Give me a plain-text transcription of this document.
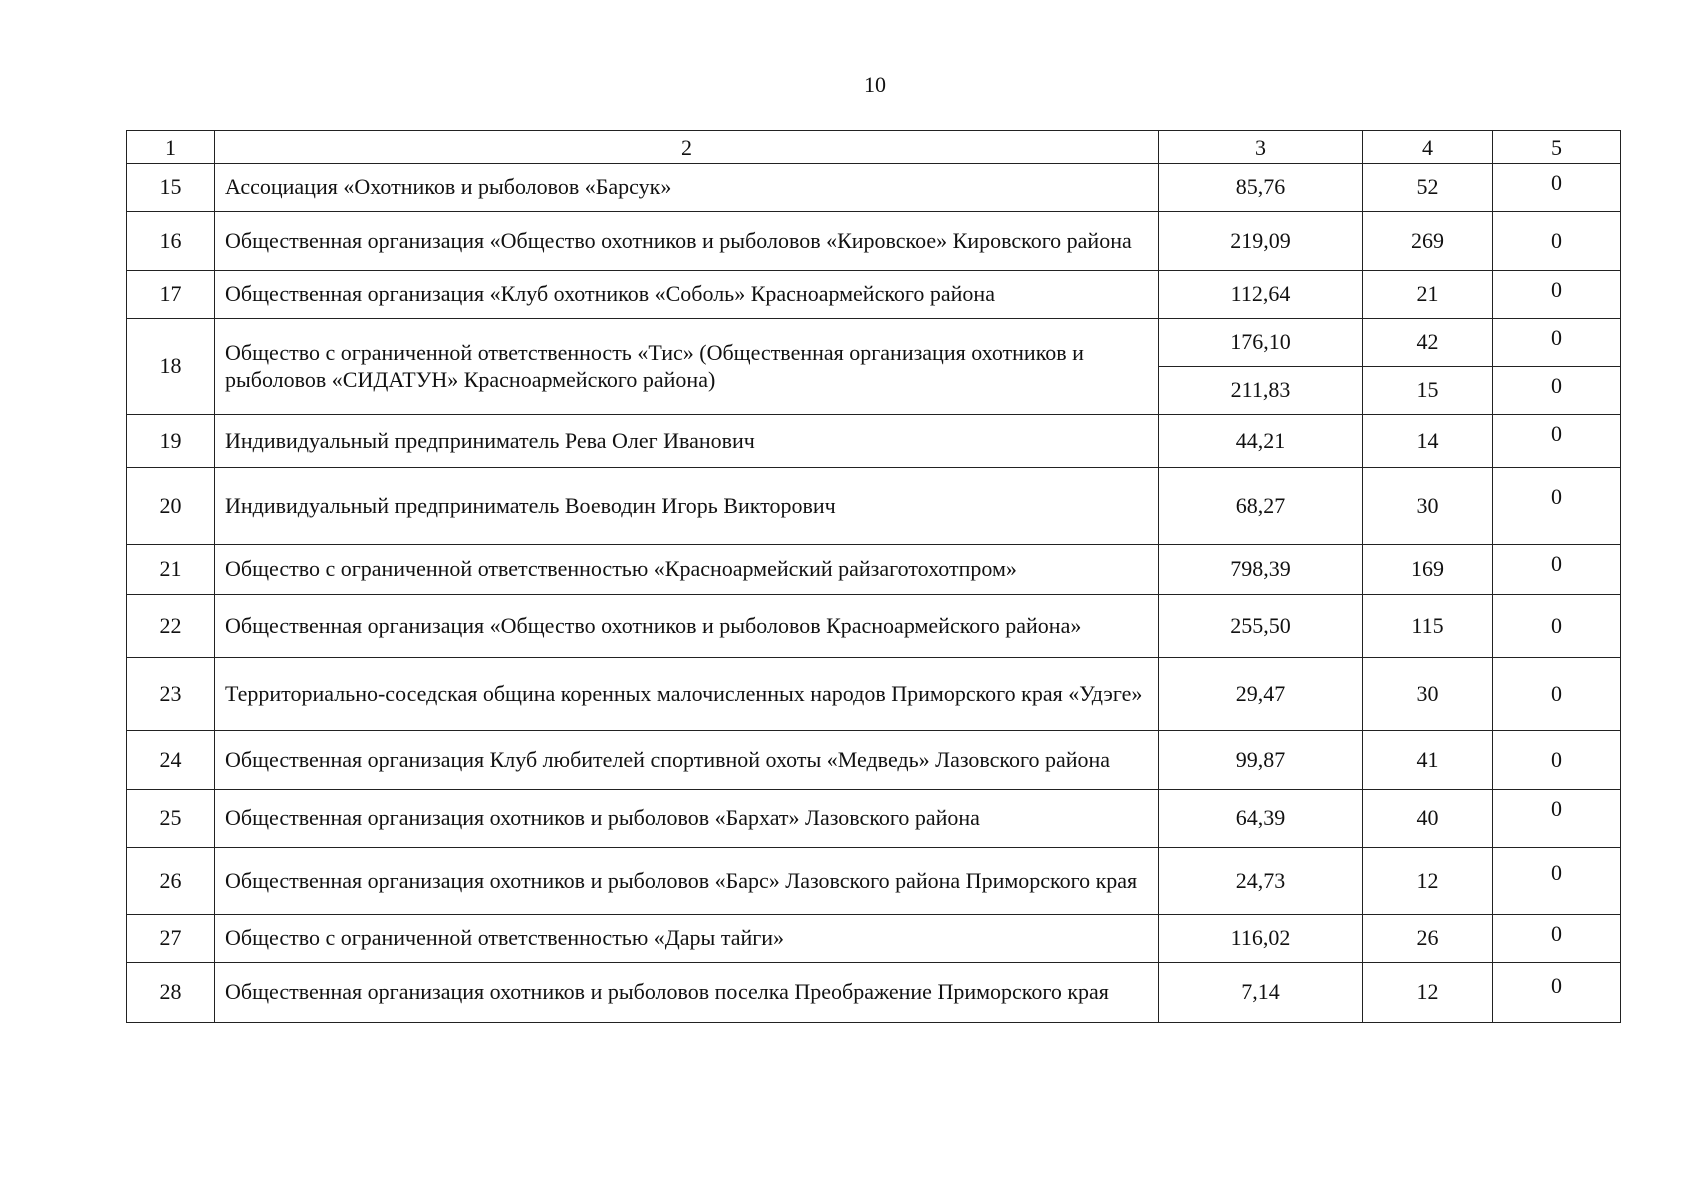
10
1	2	3	4	5
15	Ассоциация «Охотников и рыболовов «Барсук»	85,76	52	0
16	Общественная организация «Общество охотников и рыболовов «Кировское» Кировского района	219,09	269	0
17	Общественная организация «Клуб охотников «Соболь» Красноармейского района	112,64	21	0
18	Общество с ограниченной ответственность «Тис» (Общественная организация охотников и рыболовов «СИДАТУН» Красноармейского района)	176,10	42	0
		211,83	15	0
19	Индивидуальный предприниматель Рева Олег Иванович	44,21	14	0
20	Индивидуальный предприниматель Воеводин Игорь Викторович	68,27	30	0
21	Общество с ограниченной ответственностью «Красноармейский райзаготохотпром»	798,39	169	0
22	Общественная организация «Общество охотников и рыболовов Красноармейского района»	255,50	115	0
23	Территориально-соседская община коренных малочисленных народов Приморского края «Удэге»	29,47	30	0
24	Общественная организация Клуб любителей спортивной охоты «Медведь» Лазовского района	99,87	41	0
25	Общественная организация охотников и рыболовов «Бархат» Лазовского района	64,39	40	0
26	Общественная организация охотников и рыболовов «Барс» Лазовского района Приморского края	24,73	12	0
27	Общество с ограниченной ответственностью «Дары тайги»	116,02	26	0
28	Общественная организация охотников и рыболовов поселка Преображение Приморского края	7,14	12	0
